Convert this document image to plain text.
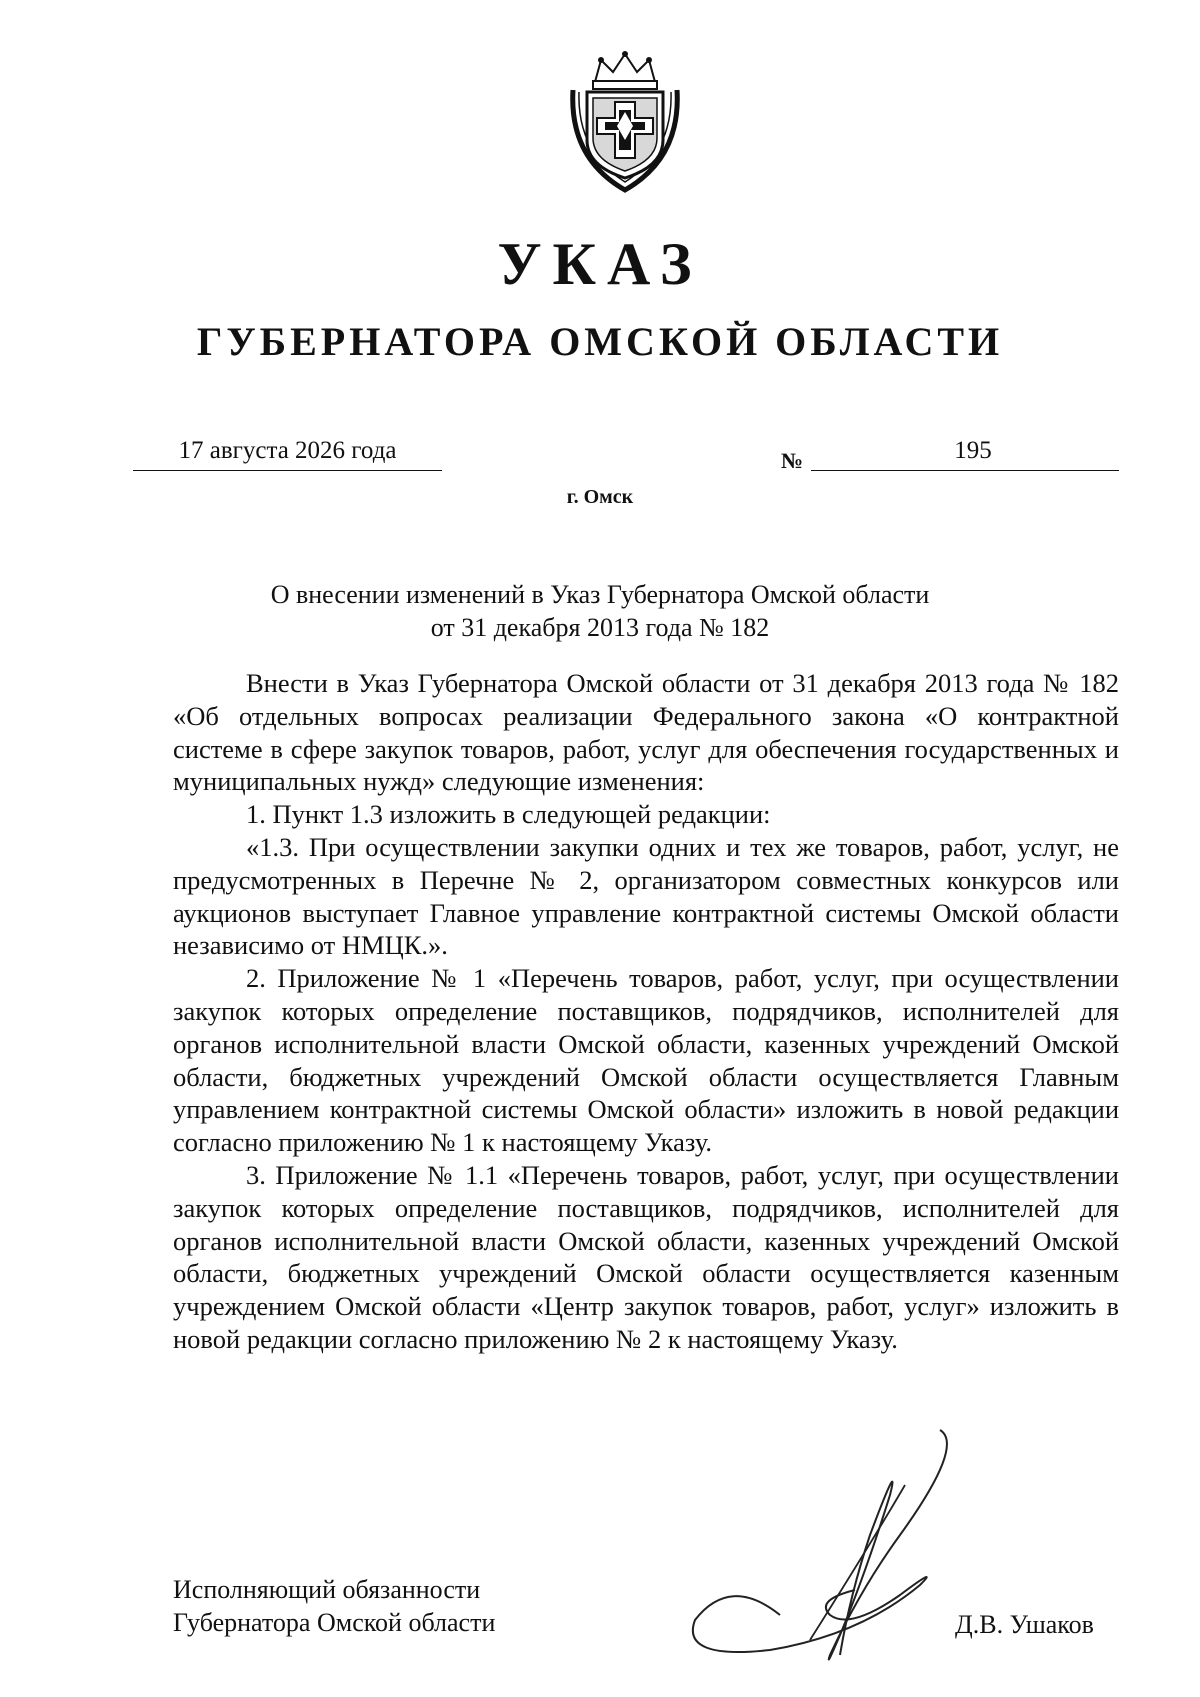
УКАЗ
ГУБЕРНАТОРА ОМСКОЙ ОБЛАСТИ
17 августа 2026 года	№	195
г. Омск
О внесении изменений в Указ Губернатора Омской области
от 31 декабря 2013 года № 182

Внести в Указ Губернатора Омской области от 31 декабря 2013 года № 182 «Об отдельных вопросах реализации Федерального закона «О контрактной системе в сфере закупок товаров, работ, услуг для обеспечения государственных и муниципальных нужд» следующие изменения:

1. Пункт 1.3 изложить в следующей редакции:

«1.3. При осуществлении закупки одних и тех же товаров, работ, услуг, не предусмотренных в Перечне № 2, организатором совместных конкурсов или аукционов выступает Главное управление контрактной системы Омской области независимо от НМЦК.».

2. Приложение № 1 «Перечень товаров, работ, услуг, при осуществлении закупок которых определение поставщиков, подрядчиков, исполнителей для органов исполнительной власти Омской области, казенных учреждений Омской области, бюджетных учреждений Омской области осуществляется Главным управлением контрактной системы Омской области» изложить в новой редакции согласно приложению № 1 к настоящему Указу.

3. Приложение № 1.1 «Перечень товаров, работ, услуг, при осуществлении закупок которых определение поставщиков, подрядчиков, исполнителей для органов исполнительной власти Омской области, казенных учреждений Омской области, бюджетных учреждений Омской области осуществляется казенным учреждением Омской области «Центр закупок товаров, работ, услуг» изложить в новой редакции согласно приложению № 2 к настоящему Указу.

Исполняющий обязанности
Губернатора Омской области	Д.В. Ушаков
